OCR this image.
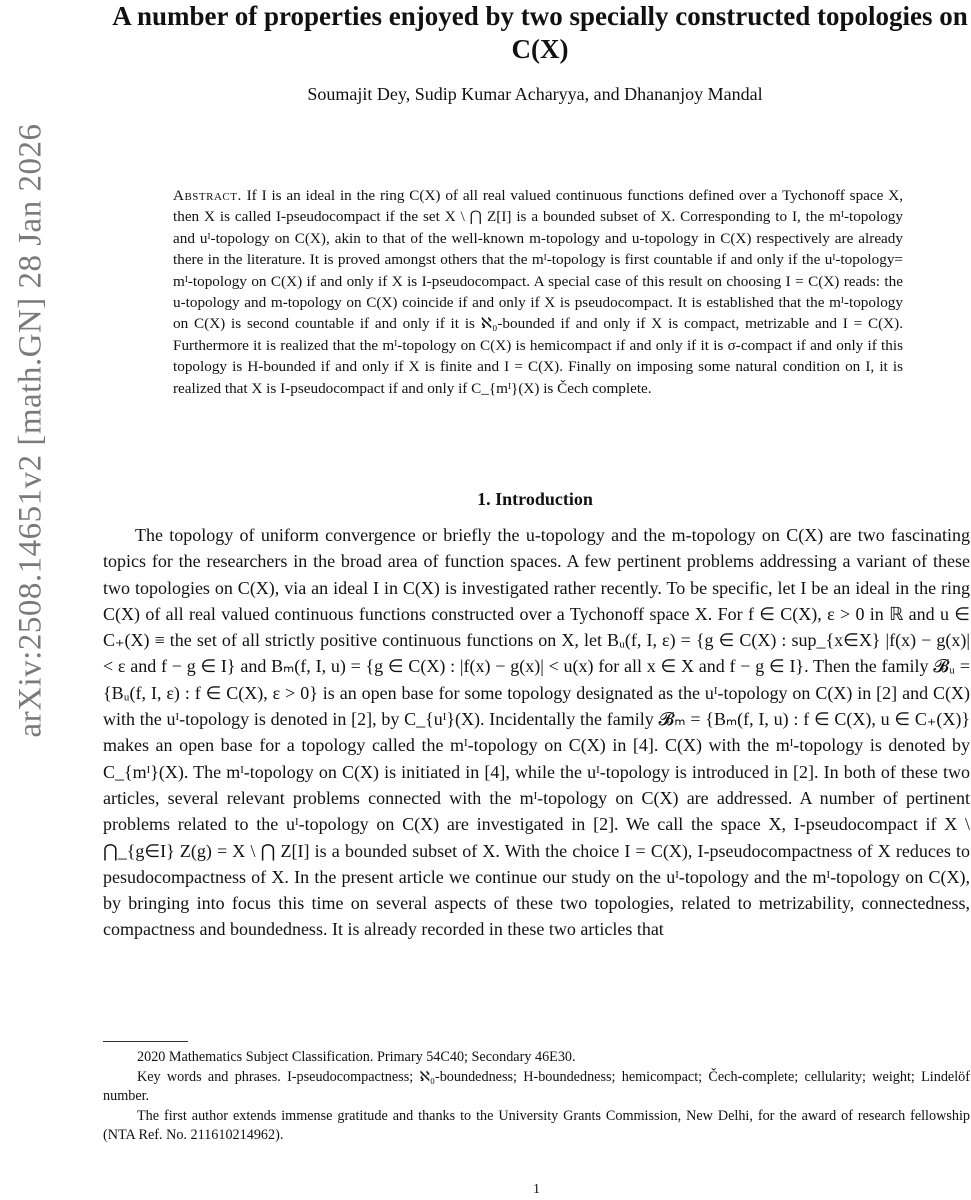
arXiv:2508.14651v2 [math.GN] 28 Jan 2026
A number of properties enjoyed by two specially constructed topologies on C(X)
Soumajit Dey, Sudip Kumar Acharyya, and Dhananjoy Mandal
Abstract. If I is an ideal in the ring C(X) of all real valued continuous functions defined over a Tychonoff space X, then X is called I-pseudocompact if the set X \ ⋂ Z[I] is a bounded subset of X. Corresponding to I, the mᴵ-topology and uᴵ-topology on C(X), akin to that of the well-known m-topology and u-topology in C(X) respectively are already there in the literature. It is proved amongst others that the mᴵ-topology is first countable if and only if the uᴵ-topology= mᴵ-topology on C(X) if and only if X is I-pseudocompact. A special case of this result on choosing I = C(X) reads: the u-topology and m-topology on C(X) coincide if and only if X is pseudocompact. It is established that the mᴵ-topology on C(X) is second countable if and only if it is ℵ₀-bounded if and only if X is compact, metrizable and I = C(X). Furthermore it is realized that the mᴵ-topology on C(X) is hemicompact if and only if it is σ-compact if and only if this topology is H-bounded if and only if X is finite and I = C(X). Finally on imposing some natural condition on I, it is realized that X is I-pseudocompact if and only if C_{mᴵ}(X) is Čech complete.
1. Introduction

The topology of uniform convergence or briefly the u-topology and the m-topology on C(X) are two fascinating topics for the researchers in the broad area of function spaces. A few pertinent problems addressing a variant of these two topologies on C(X), via an ideal I in C(X) is investigated rather recently. To be specific, let I be an ideal in the ring C(X) of all real valued continuous functions constructed over a Tychonoff space X. For f ∈ C(X), ε > 0 in ℝ and u ∈ C₊(X) ≡ the set of all strictly positive continuous functions on X, let Bᵤ(f, I, ε) = {g ∈ C(X) : sup_{x∈X} |f(x) − g(x)| < ε and f − g ∈ I} and Bₘ(f, I, u) = {g ∈ C(X) : |f(x) − g(x)| < u(x) for all x ∈ X and f − g ∈ I}. Then the family 𝓑ᵤ = {Bᵤ(f, I, ε) : f ∈ C(X), ε > 0} is an open base for some topology designated as the uᴵ-topology on C(X) in [2] and C(X) with the uᴵ-topology is denoted in [2], by C_{uᴵ}(X). Incidentally the family 𝓑ₘ = {Bₘ(f, I, u) : f ∈ C(X), u ∈ C₊(X)} makes an open base for a topology called the mᴵ-topology on C(X) in [4]. C(X) with the mᴵ-topology is denoted by C_{mᴵ}(X). The mᴵ-topology on C(X) is initiated in [4], while the uᴵ-topology is introduced in [2]. In both of these two articles, several relevant problems connected with the mᴵ-topology on C(X) are addressed. A number of pertinent problems related to the uᴵ-topology on C(X) are investigated in [2]. We call the space X, I-pseudocompact if X \ ⋂_{g∈I} Z(g) = X \ ⋂ Z[I] is a bounded subset of X. With the choice I = C(X), I-pseudocompactness of X reduces to pesudocompactness of X. In the present article we continue our study on the uᴵ-topology and the mᴵ-topology on C(X), by bringing into focus this time on several aspects of these two topologies, related to metrizability, connectedness, compactness and boundedness. It is already recorded in these two articles that

2020 Mathematics Subject Classification. Primary 54C40; Secondary 46E30.

Key words and phrases. I-pseudocompactness; ℵ₀-boundedness; H-boundedness; hemicompact; Čech-complete; cellularity; weight; Lindelöf number.

The first author extends immense gratitude and thanks to the University Grants Commission, New Delhi, for the award of research fellowship (NTA Ref. No. 211610214962).

1
